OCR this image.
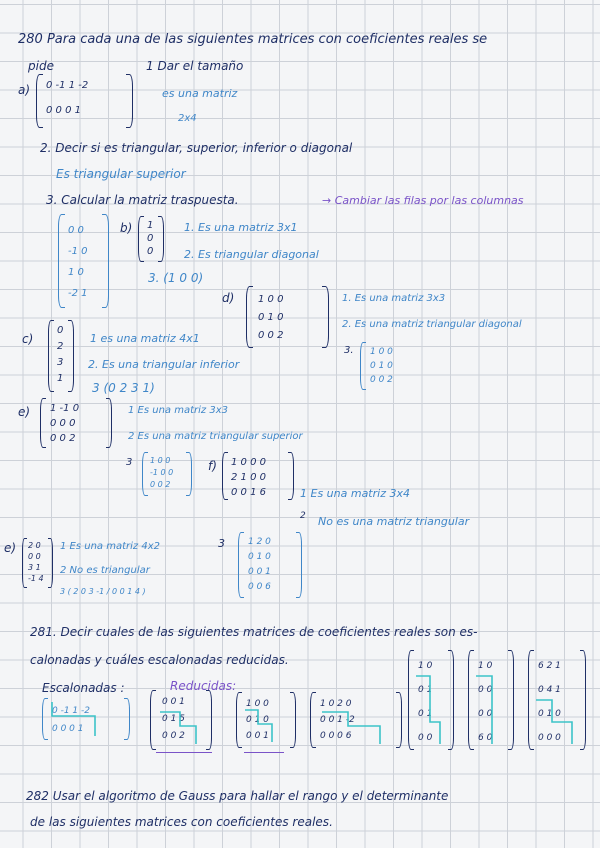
280 Para cada una de las siguientes matrices con coeficientes reales se
pide	1 Dar el tamaño
a) 0 -1 1 -2
0 0 0 1
es una matriz
2x4
2. Decir si es triangular, superior, inferior o diagonal
Es triangular superior
3. Calcular la matriz traspuesta.	→ Cambiar las filas por las columnas
0 0
-1 0
1 0
-2 1
b) 1
0
0
1. Es una matriz 3x1
2. Es triangular diagonal
3. (1 0 0)
d) 1 0 0
0 1 0
0 0 2
1. Es una matriz 3x3
2. Es una matriz triangular diagonal
3. 1 0 0
0 1 0
0 0 2
c)
0
2
3
1
1 es una matriz 4x1
2. Es una triangular inferior
3 (0 2 3 1)
e) 1 -1 0
0 0 0
0 0 2
1 Es una matriz 3x3
2 Es una matriz triangular superior
3 1 0 0
-1 0 0
0 0 2
f) 1 0 0 0
2 1 0 0
0 0 1 6	1 Es una matriz 3x4
2 No es una matriz triangular
e) 2 0
0 0
3 1
-1 4
1 Es una matriz 4x2
2 No es triangular
3 ( 2 0 3 -1 / 0 0 1 4 )
3	1 2 0
0 1 0
0 0 1
0 0 6
281. Decir cuales de las siguientes matrices de coeficientes reales son es-
calonadas y cuáles escalonadas reducidas.
Escalonadas :	Reducidas:
0 -1 1 -2
0 0 0 1
0 0 1
0 1 5
0 0 2
1 0 0
0 1 0
0 0 1
1 0 2 0
0 0 1 -2
0 0 0 6
1 0
0 1
0 1
0 0
1 0
0 0
0 0
6 0
6 2 1
0 4 1
0 1 0
0 0 0
282 Usar el algoritmo de Gauss para hallar el rango y el determinante
de las siguientes matrices con coeficientes reales.
